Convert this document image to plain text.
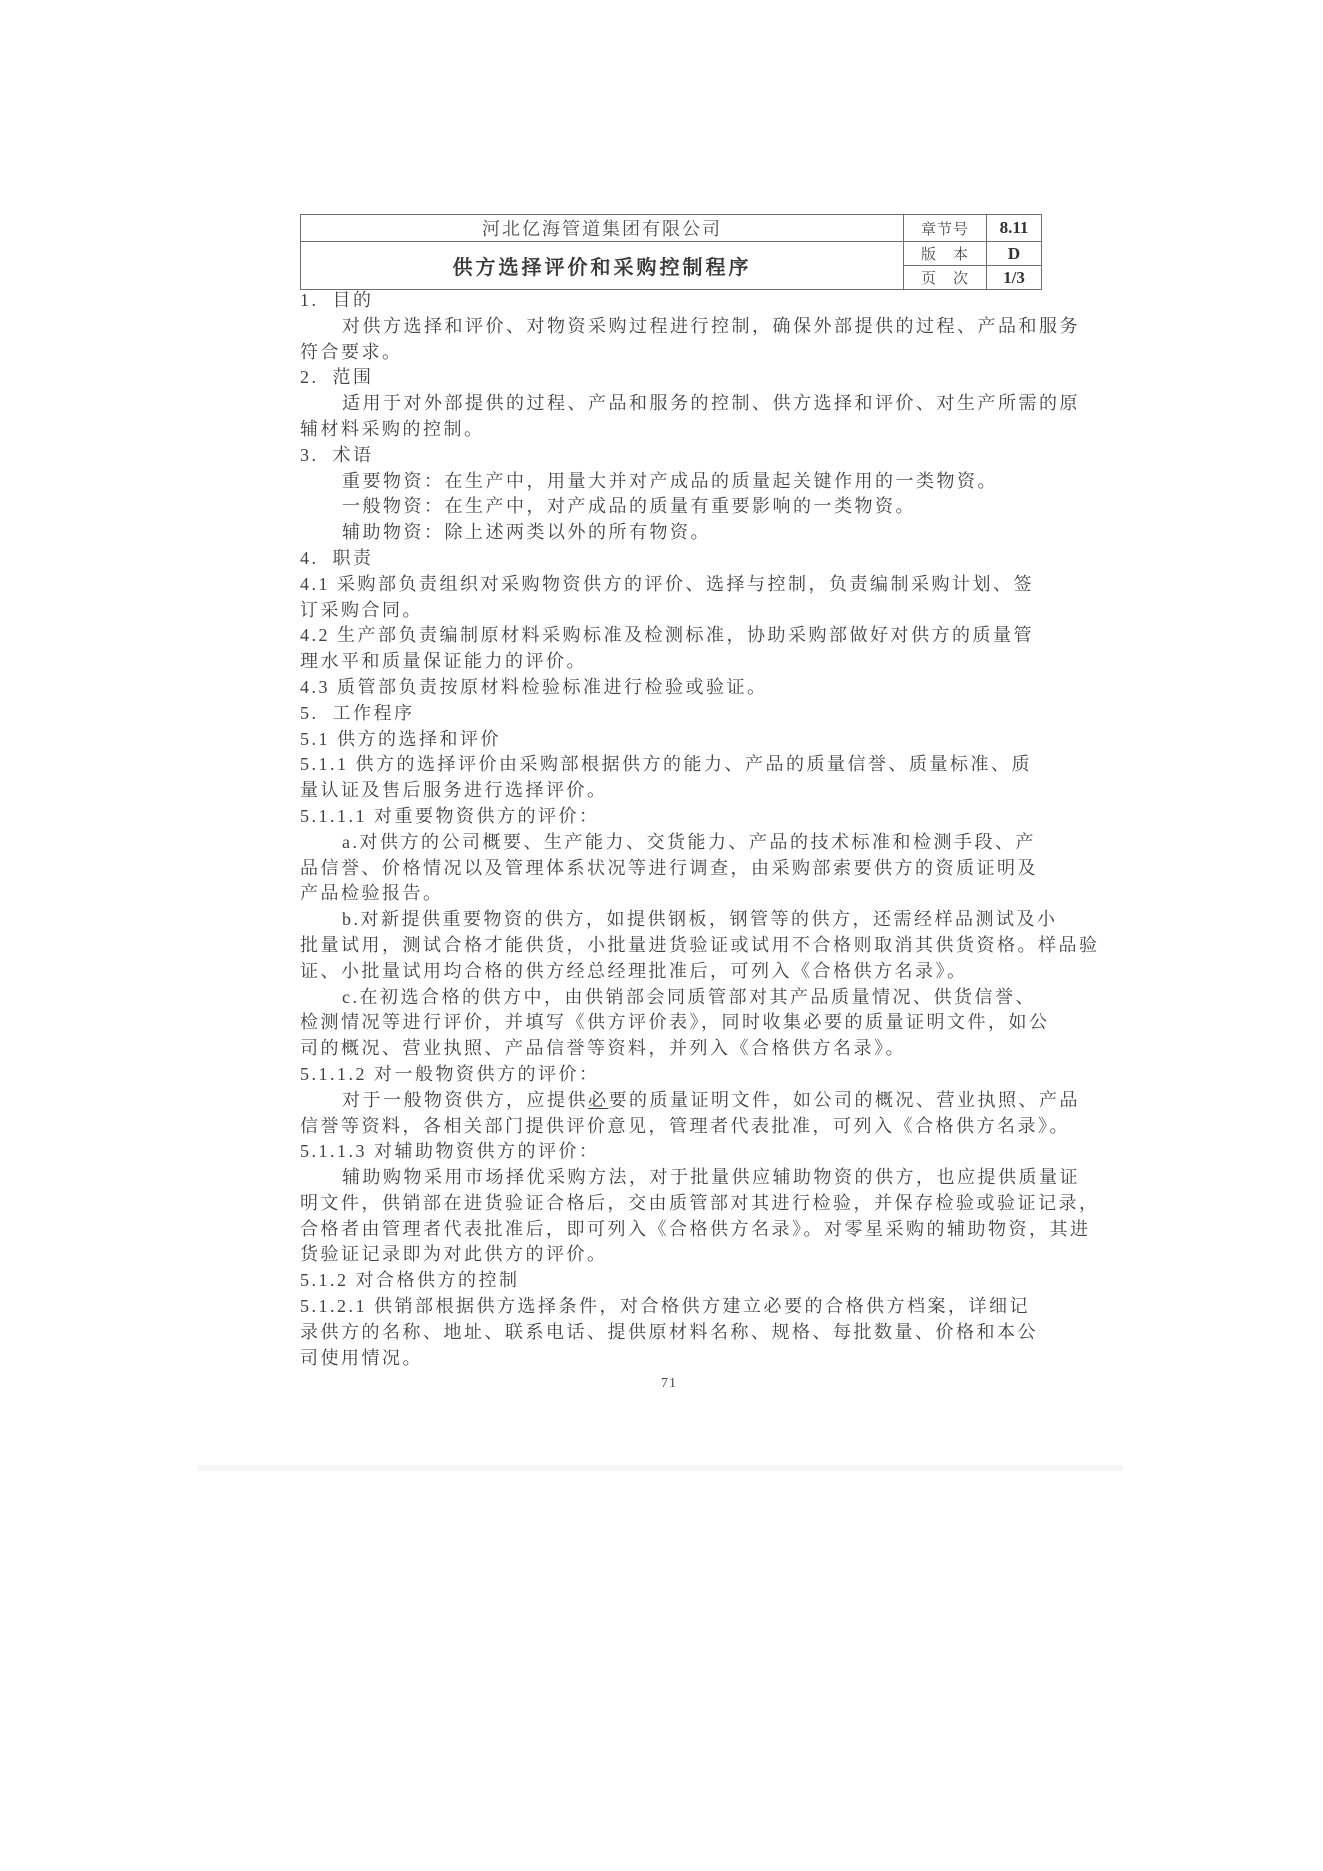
河北亿海管道集团有限公司	章节号	8.11
供方选择评价和采购控制程序	版　本	D
	页　次	1/3
1.  目的
对供方选择和评价、对物资采购过程进行控制，确保外部提供的过程、产品和服务
符合要求。
2.  范围
适用于对外部提供的过程、产品和服务的控制、供方选择和评价、对生产所需的原
辅材料采购的控制。
3.  术语
重要物资：在生产中，用量大并对产成品的质量起关键作用的一类物资。
一般物资：在生产中，对产成品的质量有重要影响的一类物资。
辅助物资：除上述两类以外的所有物资。
4.  职责
4.1 采购部负责组织对采购物资供方的评价、选择与控制，负责编制采购计划、签
订采购合同。
4.2 生产部负责编制原材料采购标准及检测标准，协助采购部做好对供方的质量管
理水平和质量保证能力的评价。
4.3 质管部负责按原材料检验标准进行检验或验证。
5.  工作程序
5.1 供方的选择和评价
5.1.1 供方的选择评价由采购部根据供方的能力、产品的质量信誉、质量标准、质
量认证及售后服务进行选择评价。
5.1.1.1 对重要物资供方的评价：
a.对供方的公司概要、生产能力、交货能力、产品的技术标准和检测手段、产
品信誉、价格情况以及管理体系状况等进行调查，由采购部索要供方的资质证明及
产品检验报告。
b.对新提供重要物资的供方，如提供钢板，钢管等的供方，还需经样品测试及小
批量试用，测试合格才能供货，小批量进货验证或试用不合格则取消其供货资格。样品验
证、小批量试用均合格的供方经总经理批准后，可列入《合格供方名录》。
c.在初选合格的供方中，由供销部会同质管部对其产品质量情况、供货信誉、
检测情况等进行评价，并填写《供方评价表》，同时收集必要的质量证明文件，如公
司的概况、营业执照、产品信誉等资料，并列入《合格供方名录》。
5.1.1.2 对一般物资供方的评价：
对于一般物资供方，应提供必要的质量证明文件，如公司的概况、营业执照、产品
信誉等资料，各相关部门提供评价意见，管理者代表批准，可列入《合格供方名录》。
5.1.1.3 对辅助物资供方的评价：
辅助购物采用市场择优采购方法，对于批量供应辅助物资的供方，也应提供质量证
明文件，供销部在进货验证合格后，交由质管部对其进行检验，并保存检验或验证记录，
合格者由管理者代表批准后，即可列入《合格供方名录》。对零星采购的辅助物资，其进
货验证记录即为对此供方的评价。
5.1.2 对合格供方的控制
5.1.2.1 供销部根据供方选择条件，对合格供方建立必要的合格供方档案，详细记
录供方的名称、地址、联系电话、提供原材料名称、规格、每批数量、价格和本公
司使用情况。
71
